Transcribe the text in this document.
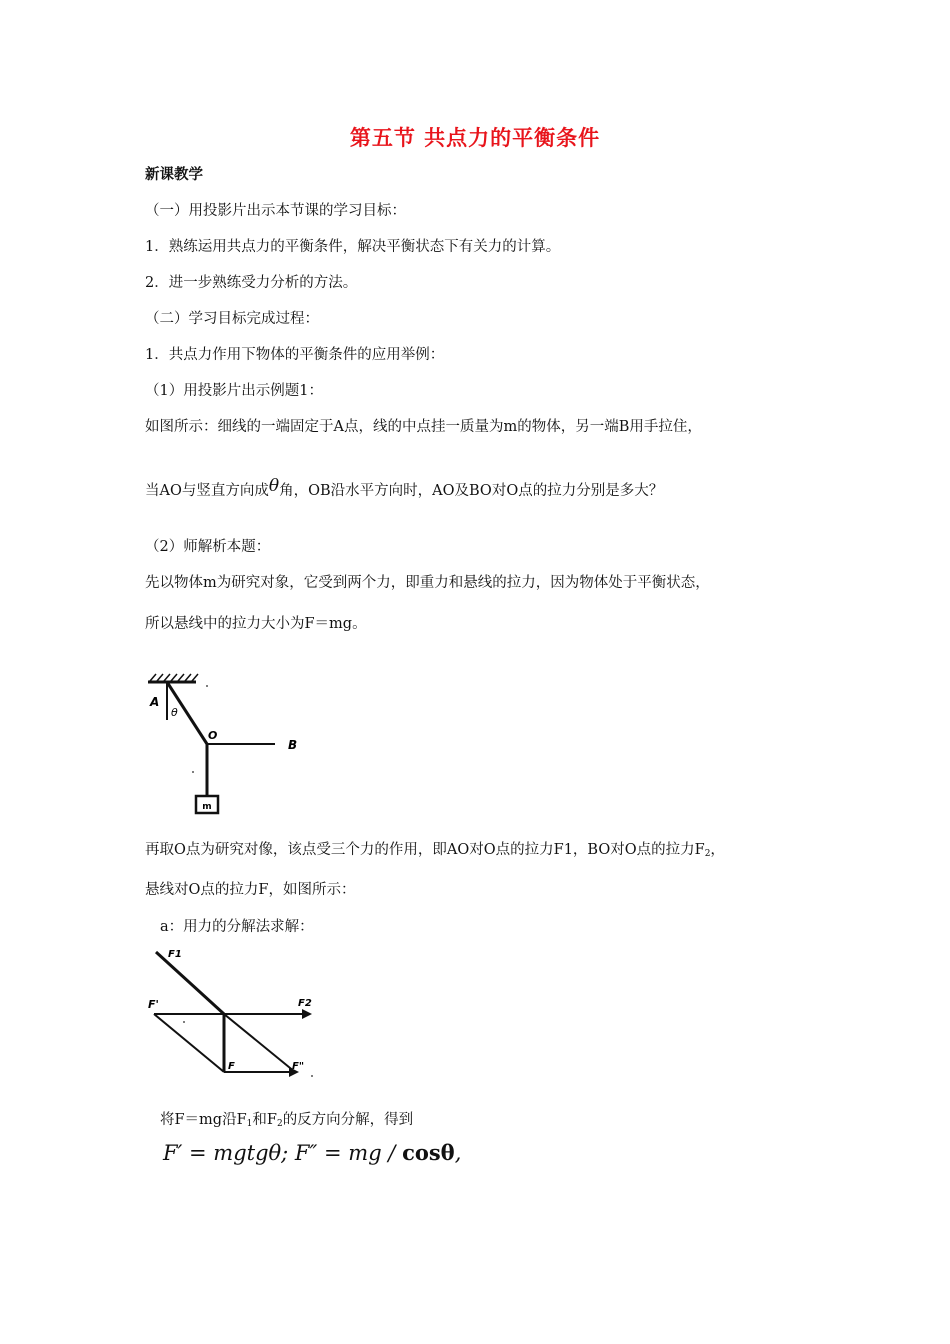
第五节 共点力的平衡条件
新课教学
（一）用投影片出示本节课的学习目标：
1．熟练运用共点力的平衡条件，解决平衡状态下有关力的计算。
2．进一步熟练受力分析的方法。
（二）学习目标完成过程：
1．共点力作用下物体的平衡条件的应用举例：
（1）用投影片出示例题1：
如图所示：细线的一端固定于A点，线的中点挂一质量为m的物体，另一端B用手拉住，
当AO与竖直方向成θ角，OB沿水平方向时，AO及BO对O点的拉力分别是多大？
（2）师解析本题：
先以物体m为研究对象，它受到两个力，即重力和悬线的拉力，因为物体处于平衡状态，
所以悬线中的拉力大小为F＝mg。
m
A
θ
O
B
再取O点为研究对像，该点受三个力的作用，即AO对O点的拉力F1，BO对O点的拉力$F_2$，
悬线对O点的拉力F，如图所示：
a：用力的分解法求解：
F1
F'	F2
F	F"
将F＝mg沿$F_1$和$F_2$的反方向分解，得到
F′ = mgtgθ; F″ = mg / cosθ,
